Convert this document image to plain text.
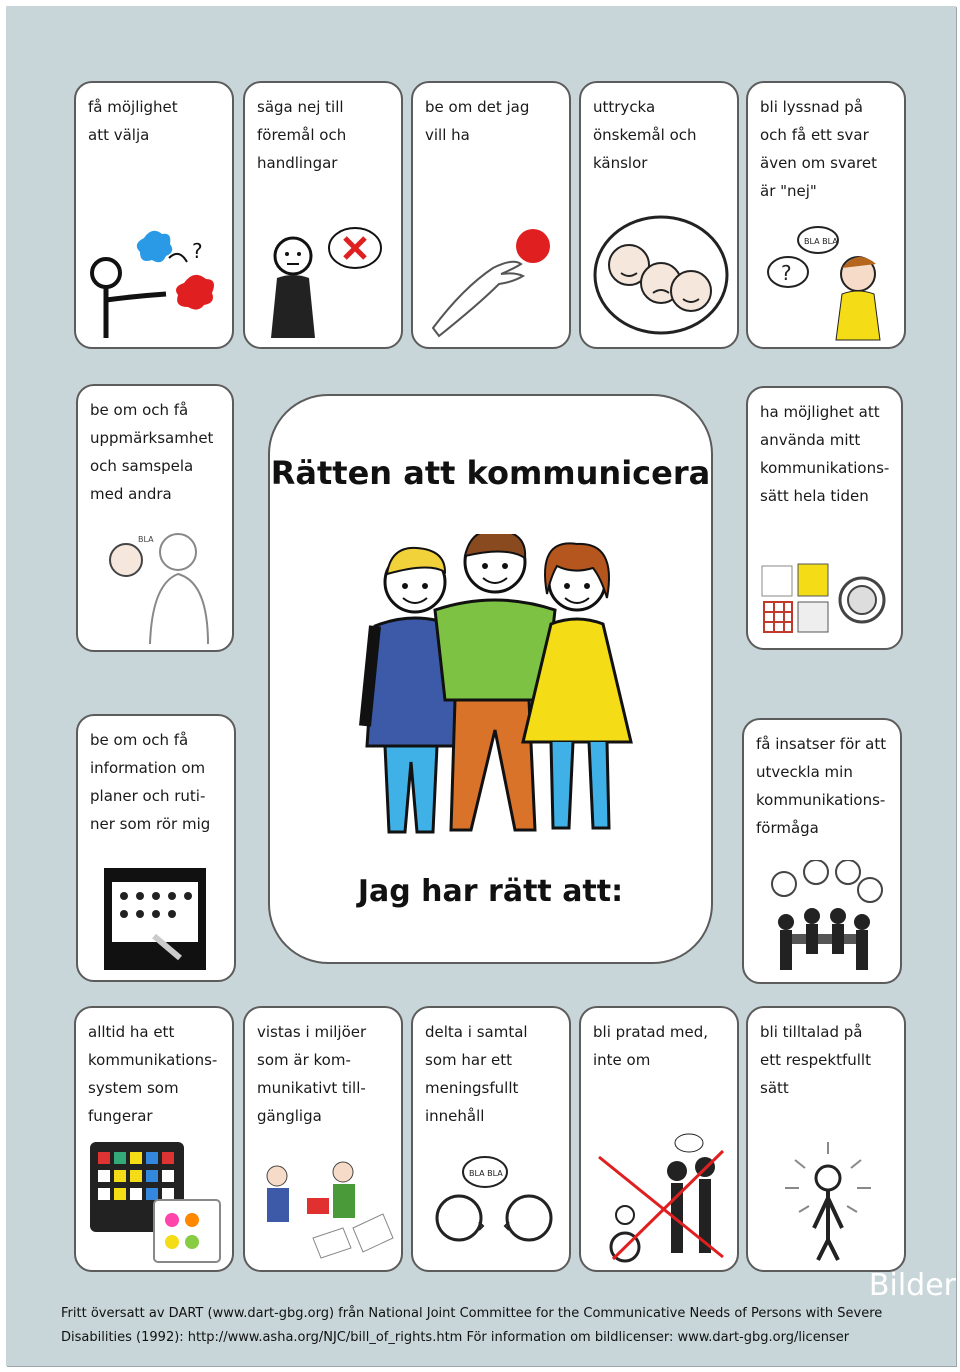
få möjlighet
att välja
?
säga nej till
föremål och
handlingar
be om det jag
vill ha
uttrycka
önskemål och
känslor
bli lyssnad på
och få ett svar
även om svaret
är "nej"
BLA BLA
?
be om och få
uppmärksamhet
och samspela
med andra
BLA
be om och få
information om
planer och ruti-
ner som rör mig
ha möjlighet att
använda mitt
kommunikations-
sätt hela tiden
få insatser för att
utveckla min
kommunikations-
förmåga
alltid ha ett
kommunikations-
system som
fungerar
vistas i miljöer
som är kom-
munikativt till-
gängliga
delta i samtal
som har ett
meningsfullt
innehåll
BLA BLA
bli pratad med,
inte om
bli tilltalad på
ett respektfullt
sätt
Rätten att kommunicera
Jag har rätt att:
Fritt översatt av DART (www.dart-gbg.org) från National Joint Committee for the Communicative Needs of Persons with Severe
Disabilities (1992): http://www.asha.org/NJC/bill_of_rights.htm För information om bildlicenser: www.dart-gbg.org/licenser
Bilder
